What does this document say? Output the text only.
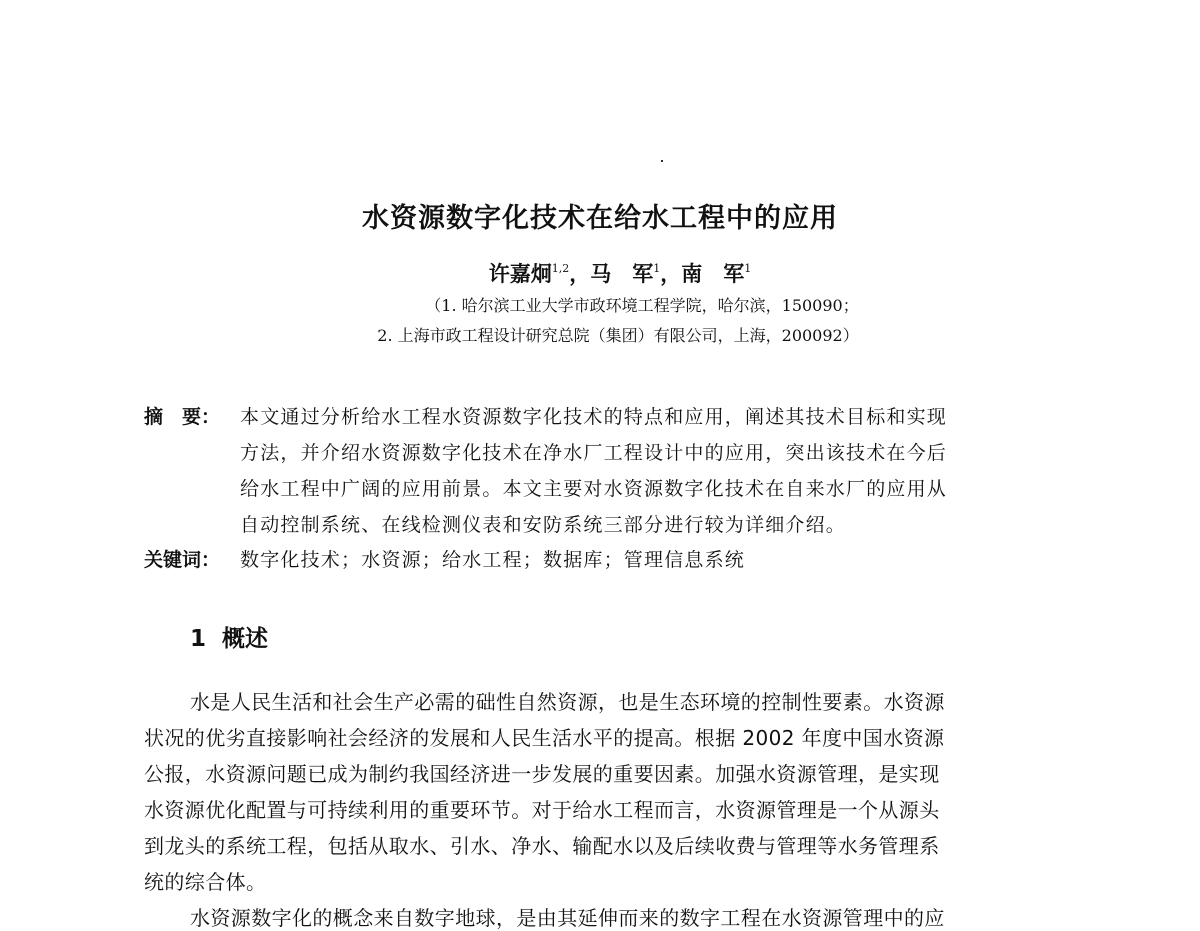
水资源数字化技术在给水工程中的应用
许嘉炯$^{1,2}$，马　军$^1$，南　军$^1$

（1. 哈尔滨工业大学市政环境工程学院，哈尔滨，150090；

2. 上海市政工程设计研究总院（集团）有限公司，上海，200092）

摘　要： 本文通过分析给水工程水资源数字化技术的特点和应用，阐述其技术目标和实现
方法，并介绍水资源数字化技术在净水厂工程设计中的应用，突出该技术在今后
给水工程中广阔的应用前景。本文主要对水资源数字化技术在自来水厂的应用从
自动控制系统、在线检测仪表和安防系统三部分进行较为详细介绍。
关键词： 数字化技术；水资源；给水工程；数据库；管理信息系统
1 概述
水是人民生活和社会生产必需的础性自然资源，也是生态环境的控制性要素。水资源
状况的优劣直接影响社会经济的发展和人民生活水平的提高。根据 2002 年度中国水资源
公报，水资源问题已成为制约我国经济进一步发展的重要因素。加强水资源管理，是实现
水资源优化配置与可持续利用的重要环节。对于给水工程而言，水资源管理是一个从源头
到龙头的系统工程，包括从取水、引水、净水、输配水以及后续收费与管理等水务管理系
统的综合体。
水资源数字化的概念来自数字地球，是由其延伸而来的数字工程在水资源管理中的应
